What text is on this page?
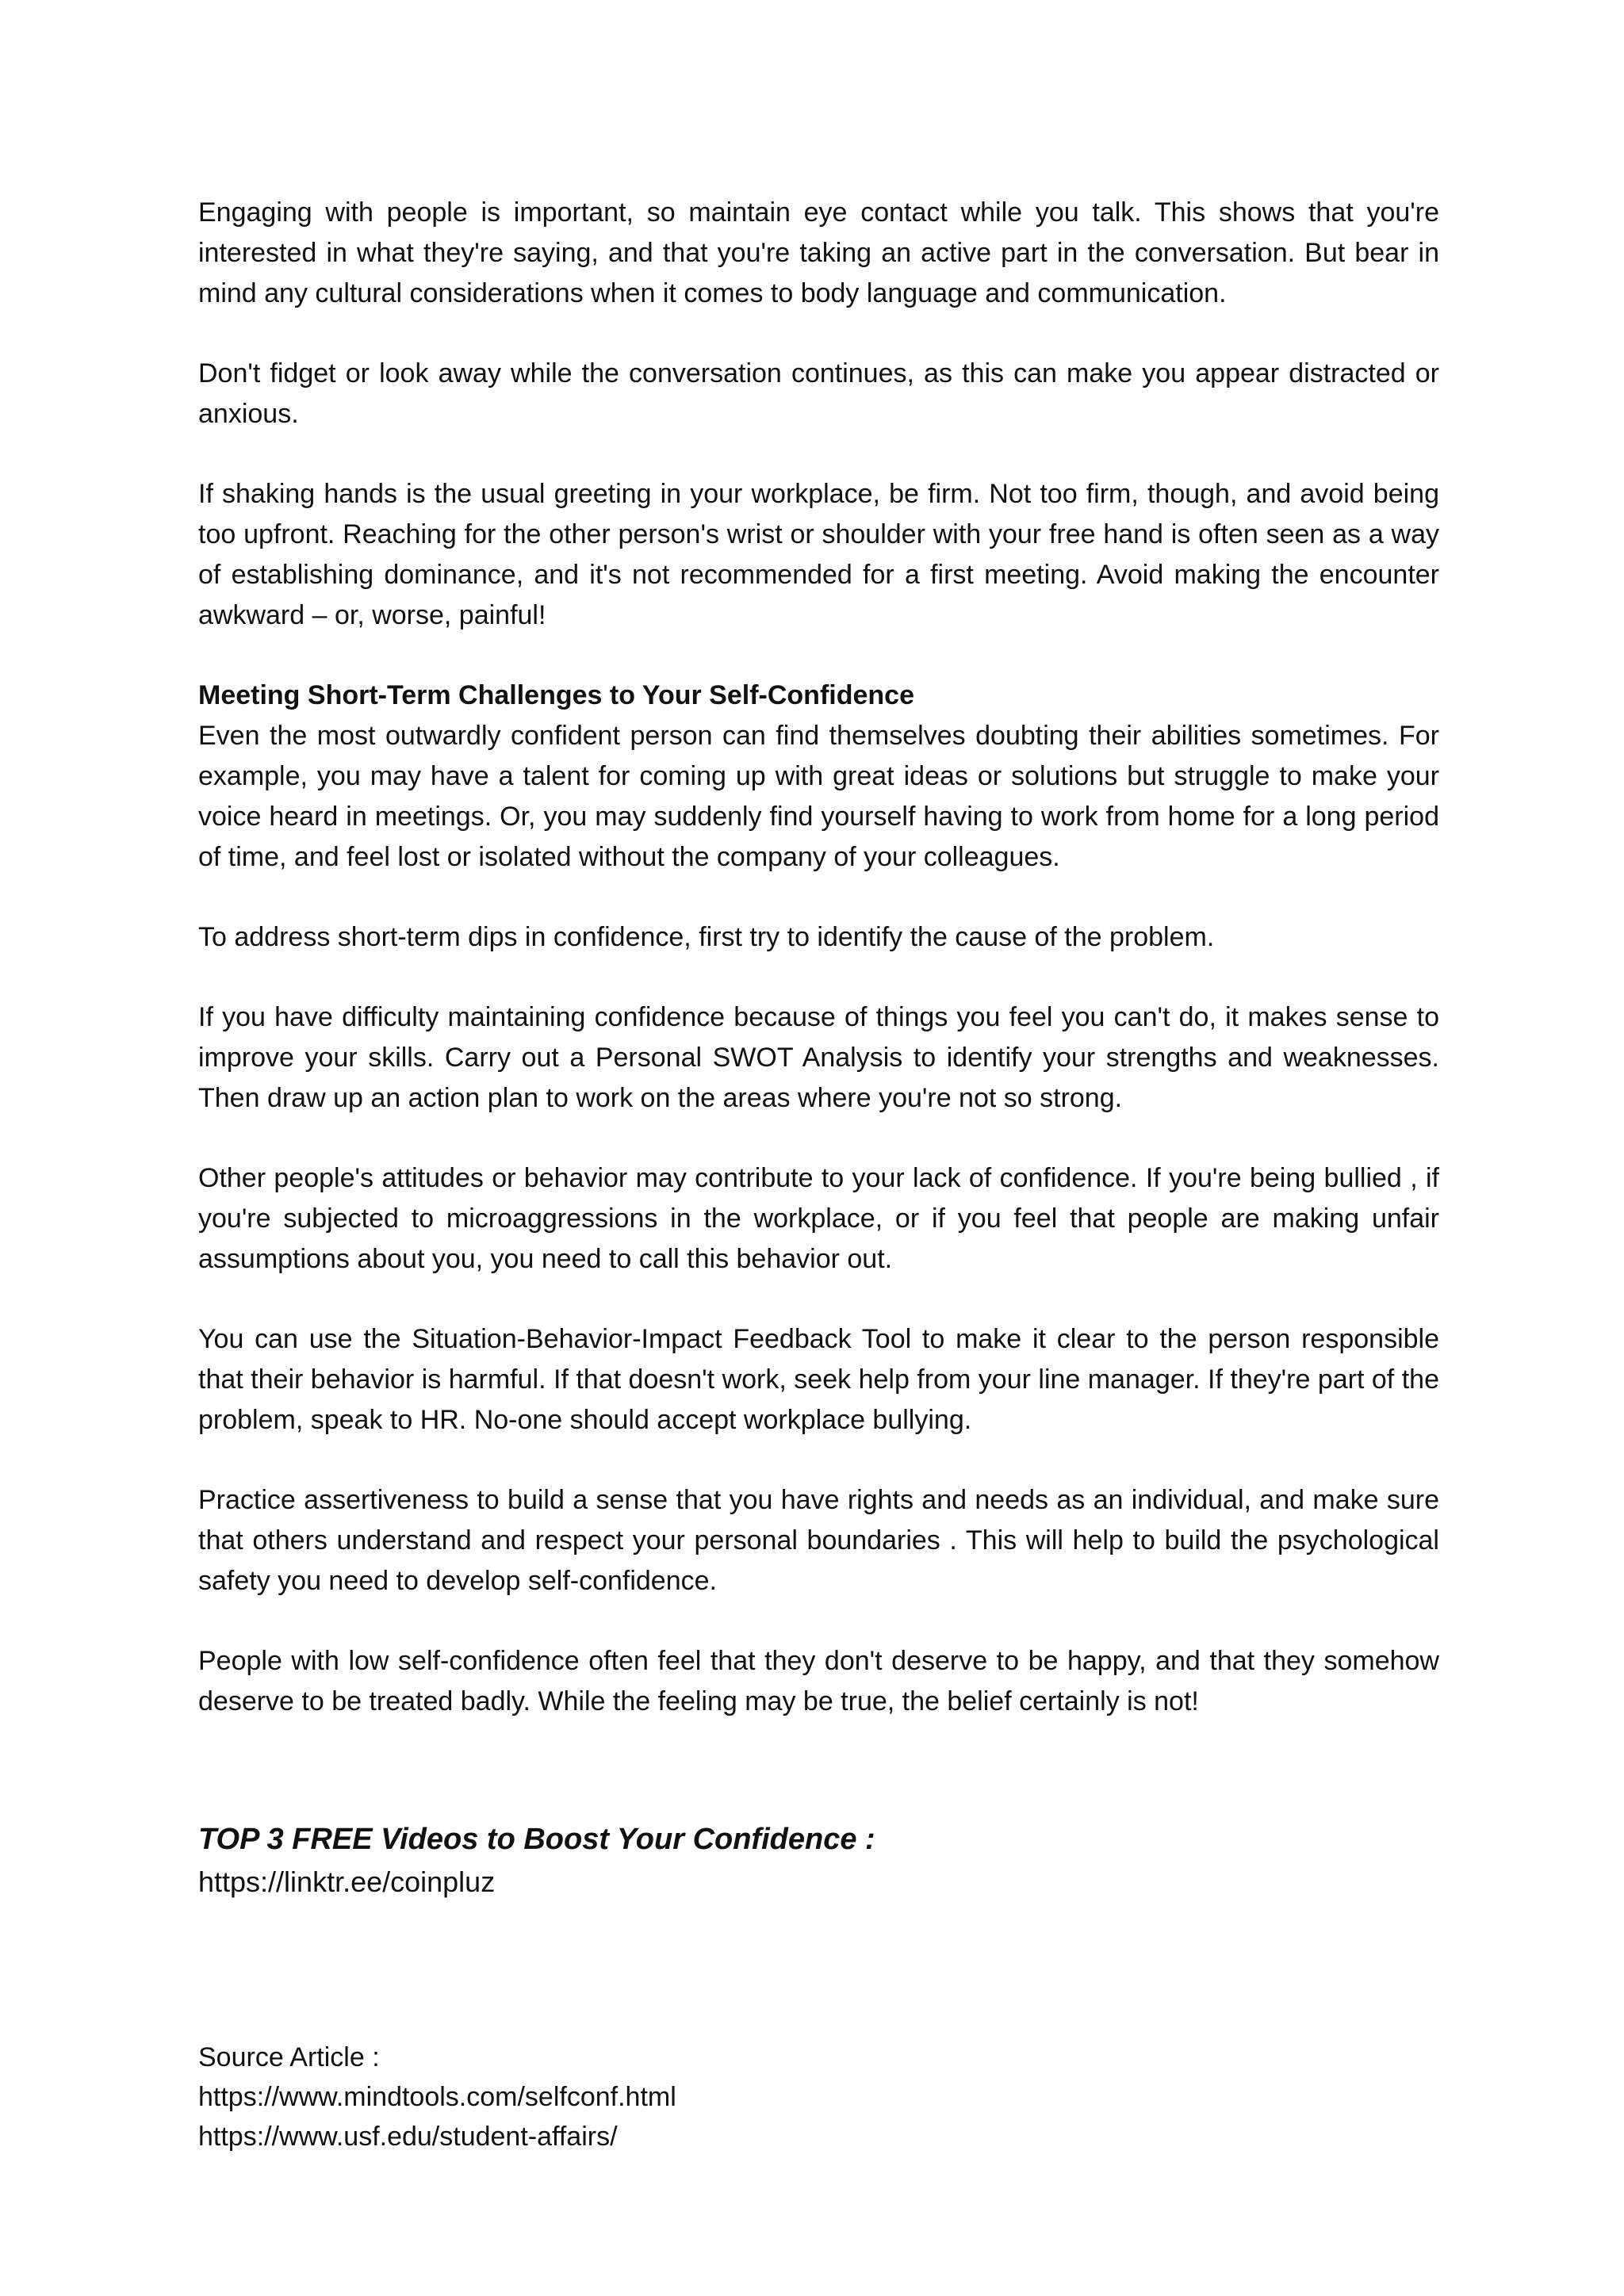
Engaging with people is important, so maintain eye contact while you talk. This shows that you're interested in what they're saying, and that you're taking an active part in the conversation. But bear in mind any cultural considerations when it comes to body language and communication.

Don't fidget or look away while the conversation continues, as this can make you appear distracted or anxious.

If shaking hands is the usual greeting in your workplace, be firm. Not too firm, though, and avoid being too upfront. Reaching for the other person's wrist or shoulder with your free hand is often seen as a way of establishing dominance, and it's not recommended for a first meeting. Avoid making the encounter awkward – or, worse, painful!

Meeting Short-Term Challenges to Your Self-Confidence

Even the most outwardly confident person can find themselves doubting their abilities sometimes. For example, you may have a talent for coming up with great ideas or solutions but struggle to make your voice heard in meetings. Or, you may suddenly find yourself having to work from home for a long period of time, and feel lost or isolated without the company of your colleagues.

To address short-term dips in confidence, first try to identify the cause of the problem.

If you have difficulty maintaining confidence because of things you feel you can't do, it makes sense to improve your skills. Carry out a Personal SWOT Analysis to identify your strengths and weaknesses. Then draw up an action plan to work on the areas where you're not so strong.

Other people's attitudes or behavior may contribute to your lack of confidence. If you're being bullied , if you're subjected to microaggressions in the workplace, or if you feel that people are making unfair assumptions about you, you need to call this behavior out.

You can use the Situation-Behavior-Impact Feedback Tool to make it clear to the person responsible that their behavior is harmful. If that doesn't work, seek help from your line manager. If they're part of the problem, speak to HR. No-one should accept workplace bullying.

Practice assertiveness to build a sense that you have rights and needs as an individual, and make sure that others understand and respect your personal boundaries . This will help to build the psychological safety you need to develop self-confidence.

People with low self-confidence often feel that they don't deserve to be happy, and that they somehow deserve to be treated badly. While the feeling may be true, the belief certainly is not!

TOP 3 FREE Videos to Boost Your Confidence :

https://linktr.ee/coinpluz

Source Article :

https://www.mindtools.com/selfconf.html

https://www.usf.edu/student-affairs/
